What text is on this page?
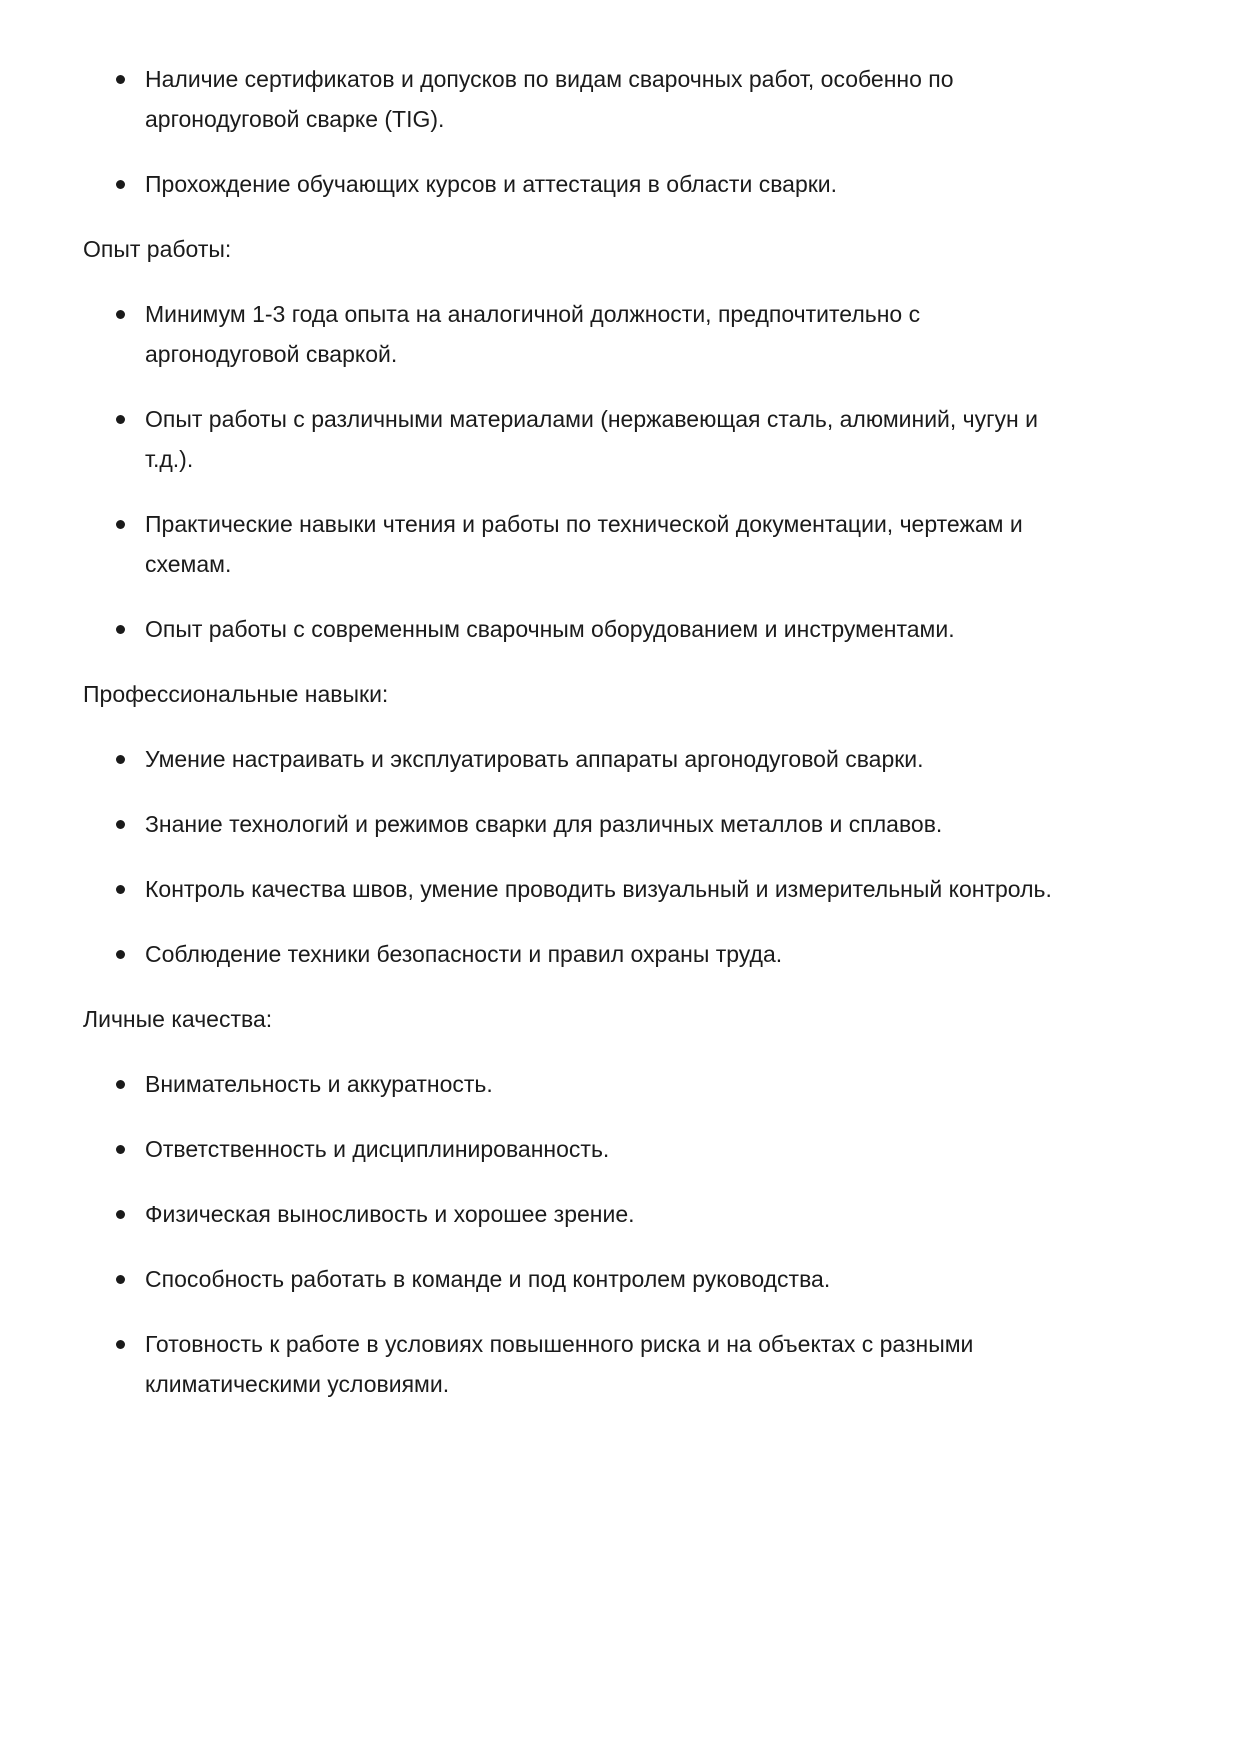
Наличие сертификатов и допусков по видам сварочных работ, особенно по
аргонодуговой сварке (TIG).
Прохождение обучающих курсов и аттестация в области сварки.
Опыт работы:
Минимум 1-3 года опыта на аналогичной должности, предпочтительно с
аргонодуговой сваркой.
Опыт работы с различными материалами (нержавеющая сталь, алюминий, чугун и
т.д.).
Практические навыки чтения и работы по технической документации, чертежам и
схемам.
Опыт работы с современным сварочным оборудованием и инструментами.
Профессиональные навыки:
Умение настраивать и эксплуатировать аппараты аргонодуговой сварки.
Знание технологий и режимов сварки для различных металлов и сплавов.
Контроль качества швов, умение проводить визуальный и измерительный контроль.
Соблюдение техники безопасности и правил охраны труда.
Личные качества:
Внимательность и аккуратность.
Ответственность и дисциплинированность.
Физическая выносливость и хорошее зрение.
Способность работать в команде и под контролем руководства.
Готовность к работе в условиях повышенного риска и на объектах с разными
климатическими условиями.
